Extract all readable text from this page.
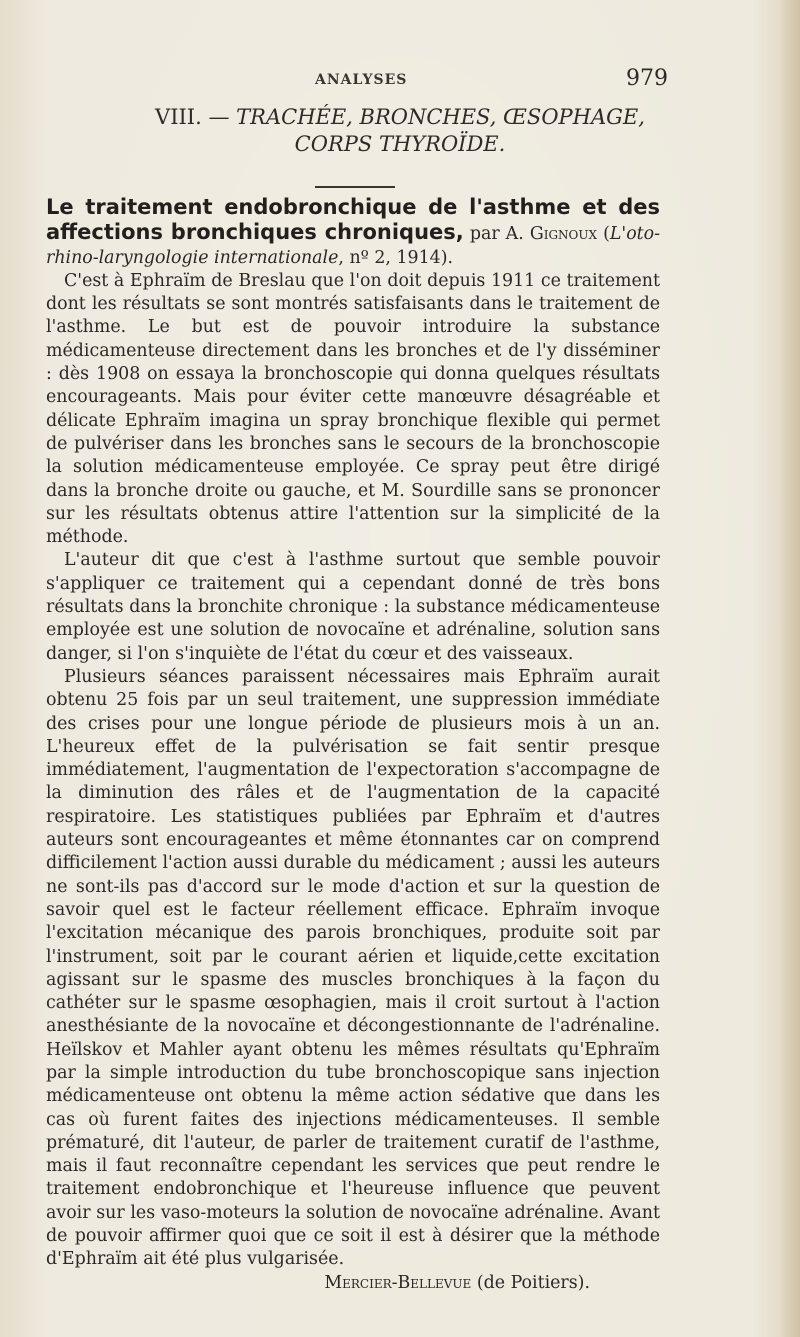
ANALYSES	979
VIII. — TRACHÉE, BRONCHES, ŒSOPHAGE,
CORPS THYROÏDE.

Le traitement endobronchique de l'asthme et des affections bronchiques chroniques, par A. Gignoux (L'oto-rhino-laryngologie internationale, nº 2, 1914).

C'est à Ephraïm de Breslau que l'on doit depuis 1911 ce traitement dont les résultats se sont montrés satisfaisants dans le traitement de l'asthme. Le but est de pouvoir introduire la substance médicamenteuse directement dans les bronches et de l'y disséminer : dès 1908 on essaya la bronchoscopie qui donna quelques résultats encourageants. Mais pour éviter cette manœuvre désagréable et délicate Ephraïm imagina un spray bronchique flexible qui permet de pulvériser dans les bronches sans le secours de la bronchoscopie la solution médicamenteuse employée. Ce spray peut être dirigé dans la bronche droite ou gauche, et M. Sourdille sans se prononcer sur les résultats obtenus attire l'attention sur la simplicité de la méthode.

L'auteur dit que c'est à l'asthme surtout que semble pouvoir s'appliquer ce traitement qui a cependant donné de très bons résultats dans la bronchite chronique : la substance médicamenteuse employée est une solution de novocaïne et adrénaline, solution sans danger, si l'on s'inquiète de l'état du cœur et des vaisseaux.

Plusieurs séances paraissent nécessaires mais Ephraïm aurait obtenu 25 fois par un seul traitement, une suppression immédiate des crises pour une longue période de plusieurs mois à un an. L'heureux effet de la pulvérisation se fait sentir presque immédiatement, l'augmentation de l'expectoration s'accompagne de la diminution des râles et de l'augmentation de la capacité respiratoire. Les statistiques publiées par Ephraïm et d'autres auteurs sont encourageantes et même étonnantes car on comprend difficilement l'action aussi durable du médicament ; aussi les auteurs ne sont-ils pas d'accord sur le mode d'action et sur la question de savoir quel est le facteur réellement efficace. Ephraïm invoque l'excitation mécanique des parois bronchiques, produite soit par l'instrument, soit par le courant aérien et liquide,cette excitation agissant sur le spasme des muscles bronchiques à la façon du cathéter sur le spasme œsophagien, mais il croit surtout à l'action anesthésiante de la novocaïne et décongestionnante de l'adrénaline. Heïlskov et Mahler ayant obtenu les mêmes résultats qu'Ephraïm par la simple introduction du tube bronchoscopique sans injection médicamenteuse ont obtenu la même action sédative que dans les cas où furent faites des injections médicamenteuses. Il semble prématuré, dit l'auteur, de parler de traitement curatif de l'asthme, mais il faut reconnaître cependant les services que peut rendre le traitement endobronchique et l'heureuse influence que peuvent avoir sur les vaso-moteurs la solution de novocaïne adrénaline. Avant de pouvoir affirmer quoi que ce soit il est à désirer que la méthode d'Ephraïm ait été plus vulgarisée.

Mercier-Bellevue (de Poitiers).
